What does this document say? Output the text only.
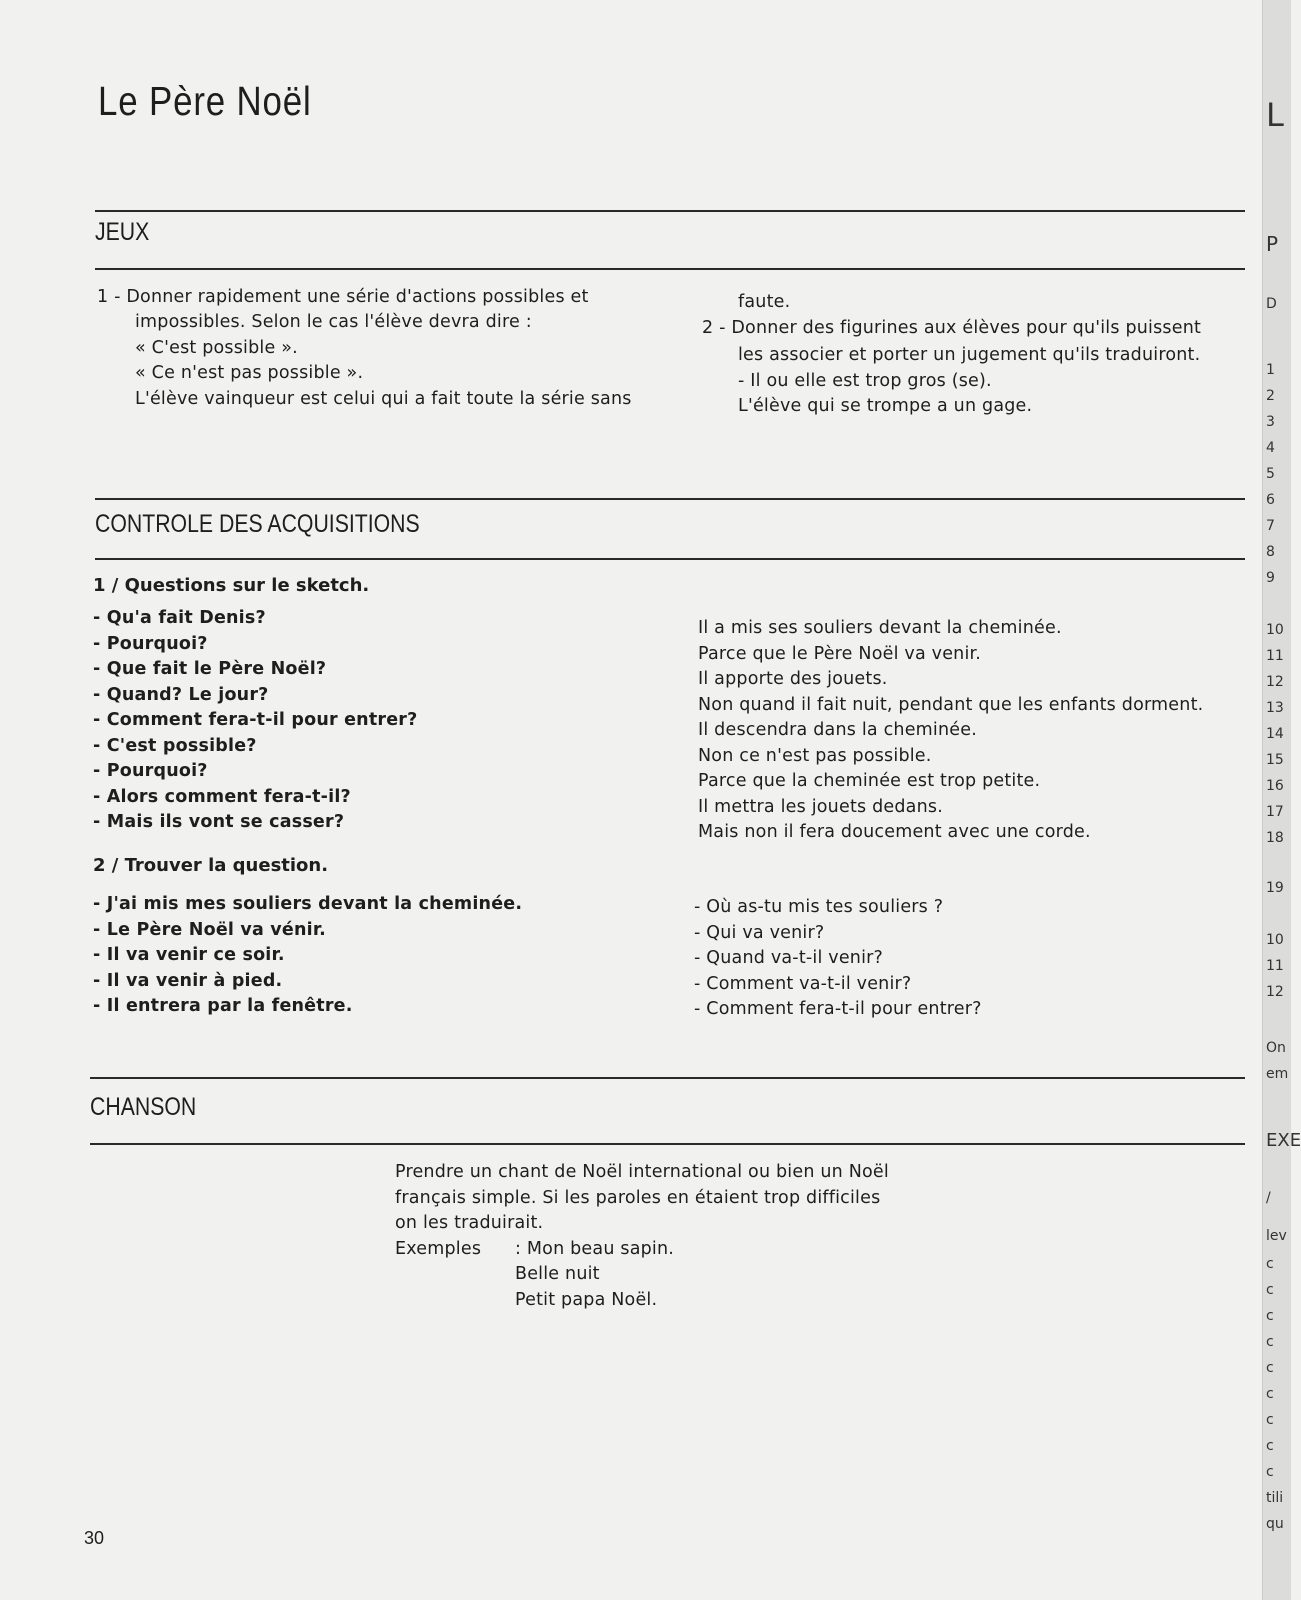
Le Père Noël
JEUX

1 - Donner rapidement une série d'actions possibles et

impossibles. Selon le cas l'élève devra dire :

« C'est possible ».

« Ce n'est pas possible ».

L'élève vainqueur est celui qui a fait toute la série sans

faute.

2 - Donner des figurines aux élèves pour qu'ils puissent

les associer et porter un jugement qu'ils traduiront.

- Il ou elle est trop gros (se).

L'élève qui se trompe a un gage.

CONTROLE DES ACQUISITIONS

1 / Questions sur le sketch.

- Qu'a fait Denis?
- Pourquoi?
- Que fait le Père Noël?
- Quand? Le jour?
- Comment fera-t-il pour entrer?
- C'est possible?
- Pourquoi?
- Alors comment fera-t-il?
- Mais ils vont se casser?
Il a mis ses souliers devant la cheminée.
Parce que le Père Noël va venir.
Il apporte des jouets.
Non quand il fait nuit, pendant que les enfants dorment.
Il descendra dans la cheminée.
Non ce n'est pas possible.
Parce que la cheminée est trop petite.
Il mettra les jouets dedans.
Mais non il fera doucement avec une corde.

2 / Trouver la question.

- J'ai mis mes souliers devant la cheminée.
- Le Père Noël va vénir.
- Il va venir ce soir.
- Il va venir à pied.
- Il entrera par la fenêtre.
- Où as-tu mis tes souliers ?
- Qui va venir?
- Quand va-t-il venir?
- Comment va-t-il venir?
- Comment fera-t-il pour entrer?
CHANSON

Prendre un chant de Noël international ou bien un Noël

français simple. Si les paroles en étaient trop difficiles

on les traduirait.

Exemples : Mon beau sapin.

Belle nuit

Petit papa Noël.

30
L
P
D
1
2
3
4
5
6
7
8
9
10
11
12
13
14
15
16
17
18
19
10
11
12
On
em
EXE
/
lev
c
c
c
c
c
c
c
c
c
tili
qu
